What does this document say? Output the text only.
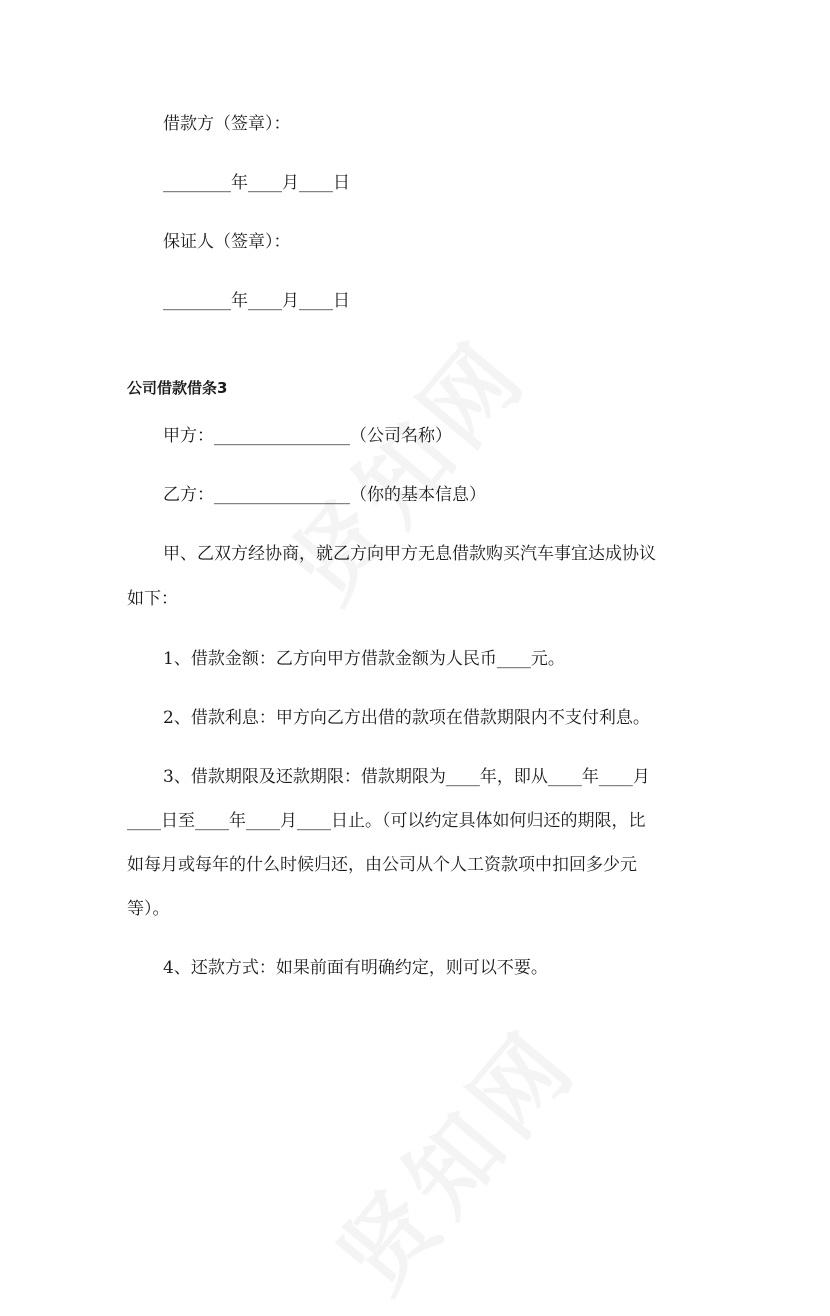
借款方（签章）：
________年____月____日
保证人（签章）：
________年____月____日
公司借款借条3
甲方：________________（公司名称）
乙方：________________（你的基本信息）
甲、乙双方经协商，就乙方向甲方无息借款购买汽车事宜达成协议
如下：
1、借款金额：乙方向甲方借款金额为人民币____元。
2、借款利息：甲方向乙方出借的款项在借款期限内不支付利息。
3、借款期限及还款期限：借款期限为____年，即从____年____月
____日至____年____月____日止。（可以约定具体如何归还的期限，比
如每月或每年的什么时候归还，由公司从个人工资款项中扣回多少元
等）。
4、还款方式：如果前面有明确约定，则可以不要。
